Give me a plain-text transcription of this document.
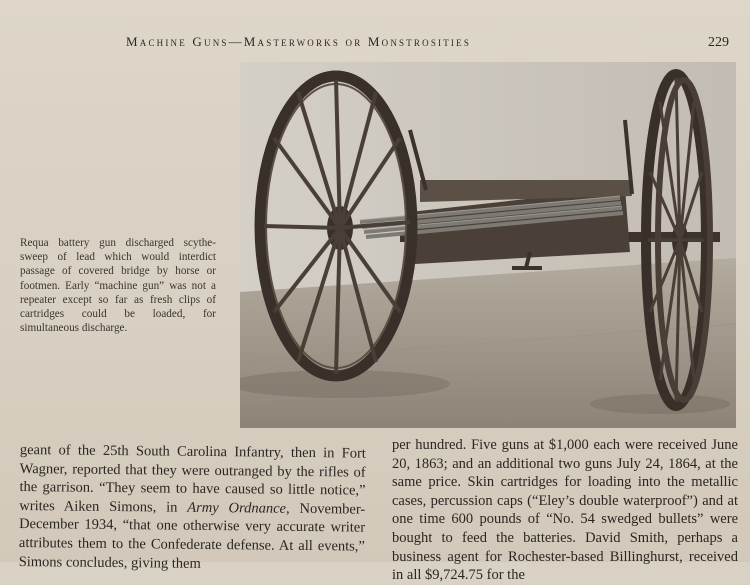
Machine Guns—Masterworks or Monstrosities	229

Requa battery gun discharged scythe-sweep of lead which would interdict passage of covered bridge by horse or footmen. Early “machine gun” was not a repeater except so far as fresh clips of cartridges could be loaded, for simultaneous discharge.

geant of the 25th South Carolina Infantry, then in Fort Wagner, reported that they were outranged by the rifles of the garrison. “They seem to have caused so little notice,” writes Aiken Simons, in Army Ordnance, November-December 1934, “that one otherwise very accurate writer attributes them to the Confederate defense. At all events,” Simons concludes, giving them

per hundred. Five guns at $1,000 each were received June 20, 1863; and an additional two guns July 24, 1864, at the same price. Skin cartridges for loading into the metallic cases, percussion caps (“Eley’s double waterproof”) and at one time 600 pounds of “No. 54 swedged bullets” were bought to feed the batteries. David Smith, perhaps a business agent for Rochester-based Billinghurst, received in all $9,724.75 for the
